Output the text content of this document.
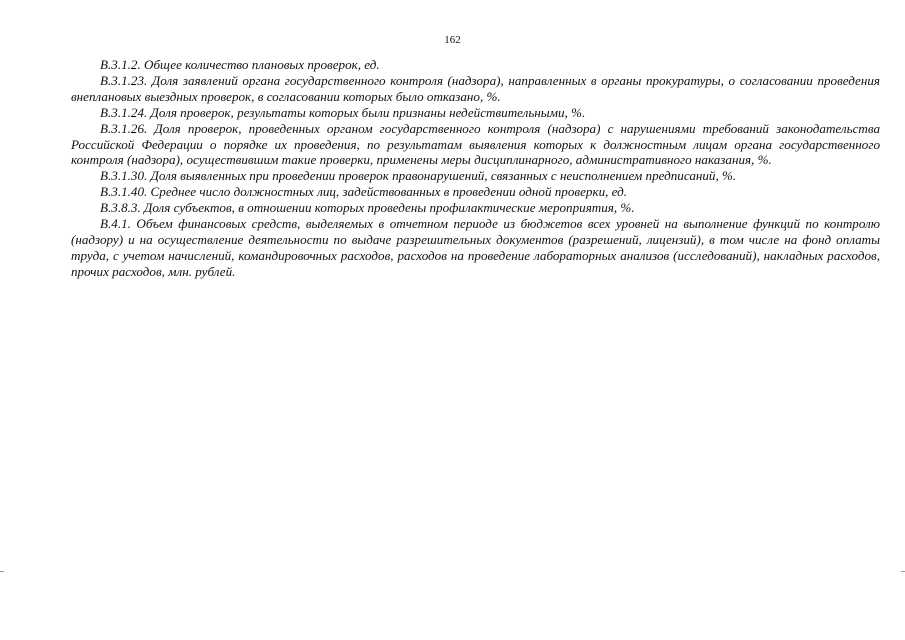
162

В.3.1.2. Общее количество плановых проверок, ед.

В.3.1.23. Доля заявлений органа государственного контроля (надзора), направленных в органы прокуратуры, о согласовании проведения внеплановых выездных проверок, в согласовании которых было отказано, %.

В.3.1.24. Доля проверок, результаты которых были признаны недействительными, %.

В.3.1.26. Доля проверок, проведенных органом государственного контроля (надзора) с нарушениями требований законодательства Российской Федерации о порядке их проведения, по результатам выявления которых к должностным лицам органа государственного контроля (надзора), осуществившим такие проверки, применены меры дисциплинарного, административного наказания, %.

В.3.1.30. Доля выявленных при проведении проверок правонарушений, связанных с неисполнением предписаний, %.

В.3.1.40. Среднее число должностных лиц, задействованных в проведении одной проверки, ед.

В.3.8.3. Доля субъектов, в отношении которых проведены профилактические мероприятия, %.

В.4.1. Объем финансовых средств, выделяемых в отчетном периоде из бюджетов всех уровней на выполнение функций по контролю (надзору) и на осуществление деятельности по выдаче разрешительных документов (разрешений, лицензий), в том числе на фонд оплаты труда, с учетом начислений, командировочных расходов, расходов на проведение лабораторных анализов (исследований), накладных расходов, прочих расходов, млн. рублей.
